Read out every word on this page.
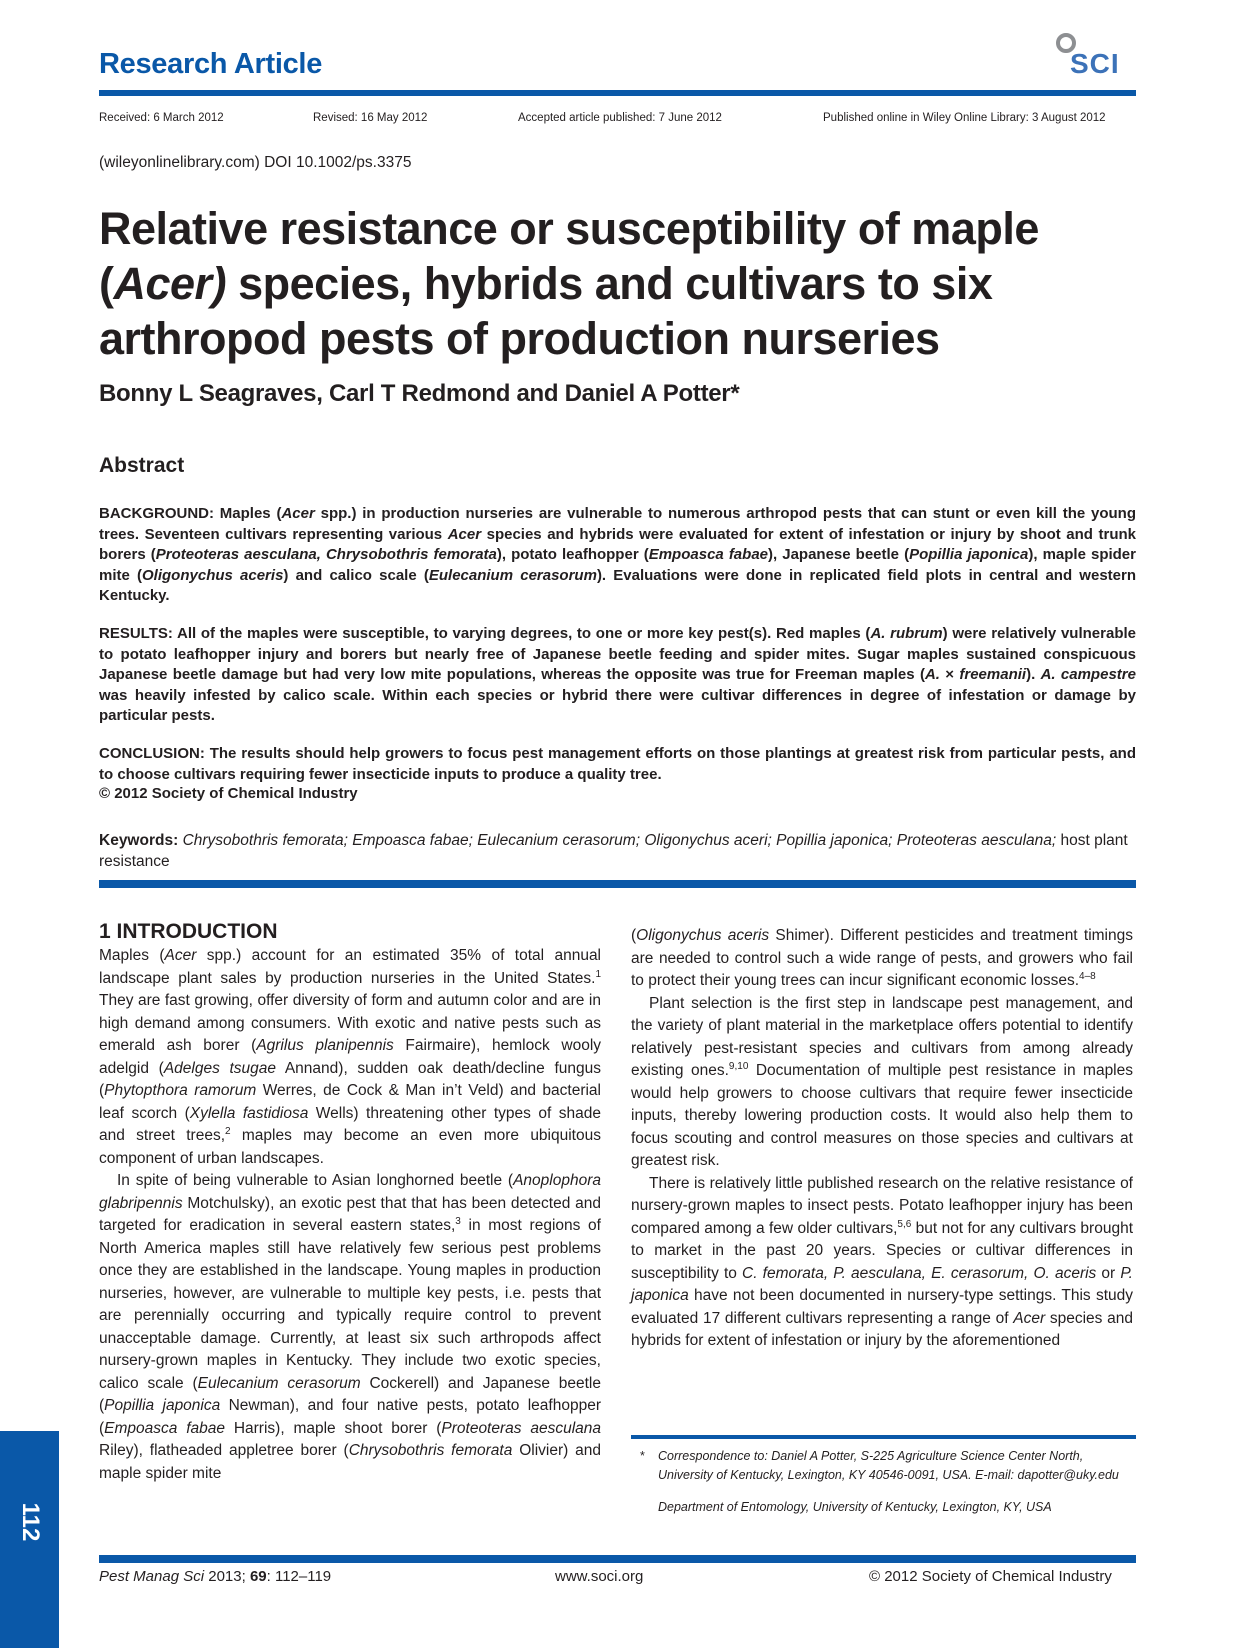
Research Article	SCI
Received: 6 March 2012	Revised: 16 May 2012	Accepted article published: 7 June 2012	Published online in Wiley Online Library: 3 August 2012
(wileyonlinelibrary.com) DOI 10.1002/ps.3375
Relative resistance or susceptibility of maple (Acer) species, hybrids and cultivars to six arthropod pests of production nurseries
Bonny L Seagraves, Carl T Redmond and Daniel A Potter*
Abstract
BACKGROUND: Maples (Acer spp.) in production nurseries are vulnerable to numerous arthropod pests that can stunt or even kill the young trees. Seventeen cultivars representing various Acer species and hybrids were evaluated for extent of infestation or injury by shoot and trunk borers (Proteoteras aesculana, Chrysobothris femorata), potato leafhopper (Empoasca fabae), Japanese beetle (Popillia japonica), maple spider mite (Oligonychus aceris) and calico scale (Eulecanium cerasorum). Evaluations were done in replicated field plots in central and western Kentucky.
RESULTS: All of the maples were susceptible, to varying degrees, to one or more key pest(s). Red maples (A. rubrum) were relatively vulnerable to potato leafhopper injury and borers but nearly free of Japanese beetle feeding and spider mites. Sugar maples sustained conspicuous Japanese beetle damage but had very low mite populations, whereas the opposite was true for Freeman maples (A. × freemanii). A. campestre was heavily infested by calico scale. Within each species or hybrid there were cultivar differences in degree of infestation or damage by particular pests.
CONCLUSION: The results should help growers to focus pest management efforts on those plantings at greatest risk from particular pests, and to choose cultivars requiring fewer insecticide inputs to produce a quality tree.
© 2012 Society of Chemical Industry
Keywords: Chrysobothris femorata; Empoasca fabae; Eulecanium cerasorum; Oligonychus aceri; Popillia japonica; Proteoteras aesculana; host plant resistance
1 INTRODUCTION

Maples (Acer spp.) account for an estimated 35% of total annual landscape plant sales by production nurseries in the United States.$^1$ They are fast growing, offer diversity of form and autumn color and are in high demand among consumers. With exotic and native pests such as emerald ash borer (Agrilus planipennis Fairmaire), hemlock wooly adelgid (Adelges tsugae Annand), sudden oak death/decline fungus (Phytopthora ramorum Werres, de Cock & Man in’t Veld) and bacterial leaf scorch (Xylella fastidiosa Wells) threatening other types of shade and street trees,$^2$ maples may become an even more ubiquitous component of urban landscapes.

In spite of being vulnerable to Asian longhorned beetle (Anoplophora glabripennis Motchulsky), an exotic pest that that has been detected and targeted for eradication in several eastern states,$^3$ in most regions of North America maples still have relatively few serious pest problems once they are established in the landscape. Young maples in production nurseries, however, are vulnerable to multiple key pests, i.e. pests that are perennially occurring and typically require control to prevent unacceptable damage. Currently, at least six such arthropods affect nursery-grown maples in Kentucky. They include two exotic species, calico scale (Eulecanium cerasorum Cockerell) and Japanese beetle (Popillia japonica Newman), and four native pests, potato leafhopper (Empoasca fabae Harris), maple shoot borer (Proteoteras aesculana Riley), flatheaded appletree borer (Chrysobothris femorata Olivier) and maple spider mite

(Oligonychus aceris Shimer). Different pesticides and treatment timings are needed to control such a wide range of pests, and growers who fail to protect their young trees can incur significant economic losses.$^{4-8}$

Plant selection is the first step in landscape pest management, and the variety of plant material in the marketplace offers potential to identify relatively pest-resistant species and cultivars from among already existing ones.$^{9,10}$ Documentation of multiple pest resistance in maples would help growers to choose cultivars that require fewer insecticide inputs, thereby lowering production costs. It would also help them to focus scouting and control measures on those species and cultivars at greatest risk.

There is relatively little published research on the relative resistance of nursery-grown maples to insect pests. Potato leafhopper injury has been compared among a few older cultivars,$^{5,6}$ but not for any cultivars brought to market in the past 20 years. Species or cultivar differences in susceptibility to C. femorata, P. aesculana, E. cerasorum, O. aceris or P. japonica have not been documented in nursery-type settings. This study evaluated 17 different cultivars representing a range of Acer species and hybrids for extent of infestation or injury by the aforementioned

* Correspondence to: Daniel A Potter, S-225 Agriculture Science Center North, University of Kentucky, Lexington, KY 40546-0091, USA. E-mail: dapotter@uky.edu
Department of Entomology, University of Kentucky, Lexington, KY, USA
112
Pest Manag Sci 2013; 69: 112–119	www.soci.org	© 2012 Society of Chemical Industry
